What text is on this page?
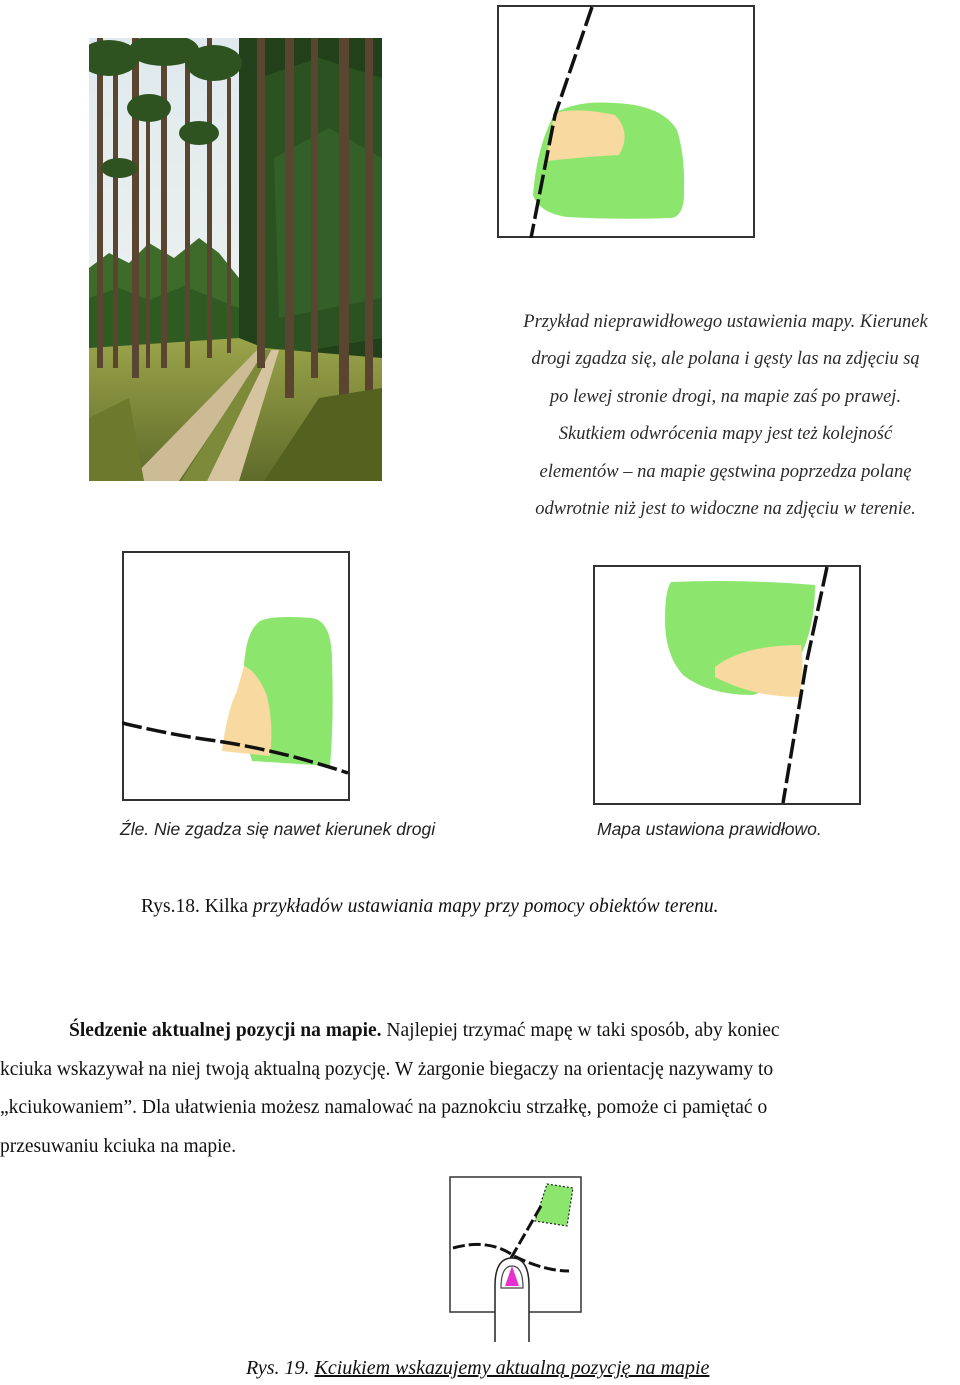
Przykład nieprawidłowego ustawienia mapy. Kierunek
drogi zgadza się, ale polana i gęsty las na zdjęciu są
po lewej stronie drogi, na mapie zaś po prawej.
Skutkiem odwrócenia mapy jest też kolejność
elementów – na mapie gęstwina poprzedza polanę
odwrotnie niż jest to widoczne na zdjęciu w terenie.

Źle. Nie zgadza się nawet kierunek drogi	Mapa ustawiona prawidłowo.

Rys.18. Kilka przykładów ustawiania mapy przy pomocy obiektów terenu.

Śledzenie aktualnej pozycji na mapie. Najlepiej trzymać mapę w taki sposób, aby koniec
kciuka wskazywał na niej twoją aktualną pozycję. W żargonie biegaczy na orientację nazywamy to
„kciukowaniem”. Dla ułatwienia możesz namalować na paznokciu strzałkę, pomoże ci pamiętać o
przesuwaniu kciuka na mapie.

Rys. 19. Kciukiem wskazujemy aktualną pozycję na mapie
